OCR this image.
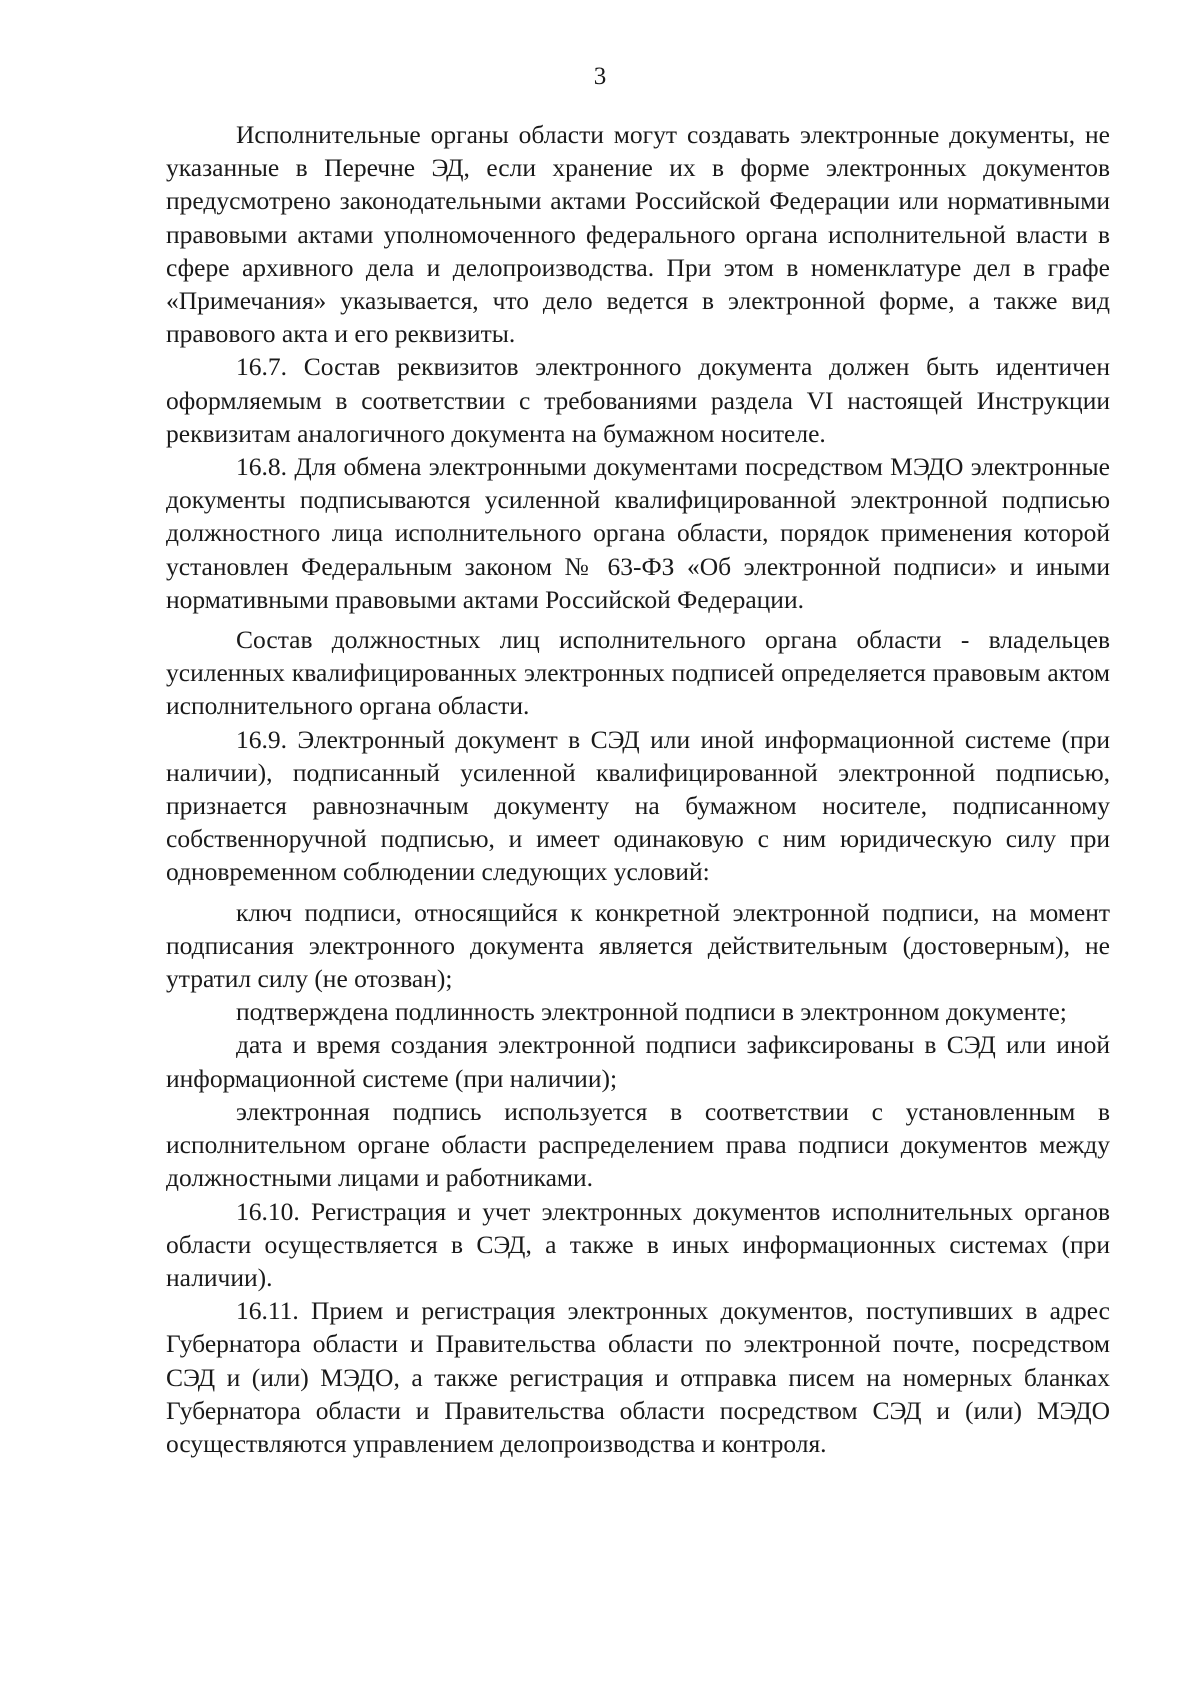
3

Исполнительные органы области могут создавать электронные документы, не указанные в Перечне ЭД, если хранение их в форме электронных документов предусмотрено законодательными актами Российской Федерации или нормативными правовыми актами уполномоченного федерального органа исполнительной власти в сфере архивного дела и делопроизводства. При этом в номенклатуре дел в графе «Примечания» указывается, что дело ведется в электронной форме, а также вид правового акта и его реквизиты.

16.7. Состав реквизитов электронного документа должен быть идентичен оформляемым в соответствии с требованиями раздела VI настоящей Инструкции реквизитам аналогичного документа на бумажном носителе.

16.8. Для обмена электронными документами посредством МЭДО электронные документы подписываются усиленной квалифицированной электронной подписью должностного лица исполнительного органа области, порядок применения которой установлен Федеральным законом № 63-ФЗ «Об электронной подписи» и иными нормативными правовыми актами Российской Федерации.

Состав должностных лиц исполнительного органа области - владельцев усиленных квалифицированных электронных подписей определяется правовым актом исполнительного органа области.

16.9. Электронный документ в СЭД или иной информационной системе (при наличии), подписанный усиленной квалифицированной электронной подписью, признается равнозначным документу на бумажном носителе, подписанному собственноручной подписью, и имеет одинаковую с ним юридическую силу при одновременном соблюдении следующих условий:

ключ подписи, относящийся к конкретной электронной подписи, на момент подписания электронного документа является действительным (достоверным), не утратил силу (не отозван);

подтверждена подлинность электронной подписи в электронном документе;

дата и время создания электронной подписи зафиксированы в СЭД или иной информационной системе (при наличии);

электронная подпись используется в соответствии с установленным в исполнительном органе области распределением права подписи документов между должностными лицами и работниками.

16.10. Регистрация и учет электронных документов исполнительных органов области осуществляется в СЭД, а также в иных информационных системах (при наличии).

16.11. Прием и регистрация электронных документов, поступивших в адрес Губернатора области и Правительства области по электронной почте, посредством СЭД и (или) МЭДО, а также регистрация и отправка писем на номерных бланках Губернатора области и Правительства области посредством СЭД и (или) МЭДО осуществляются управлением делопроизводства и контроля.
